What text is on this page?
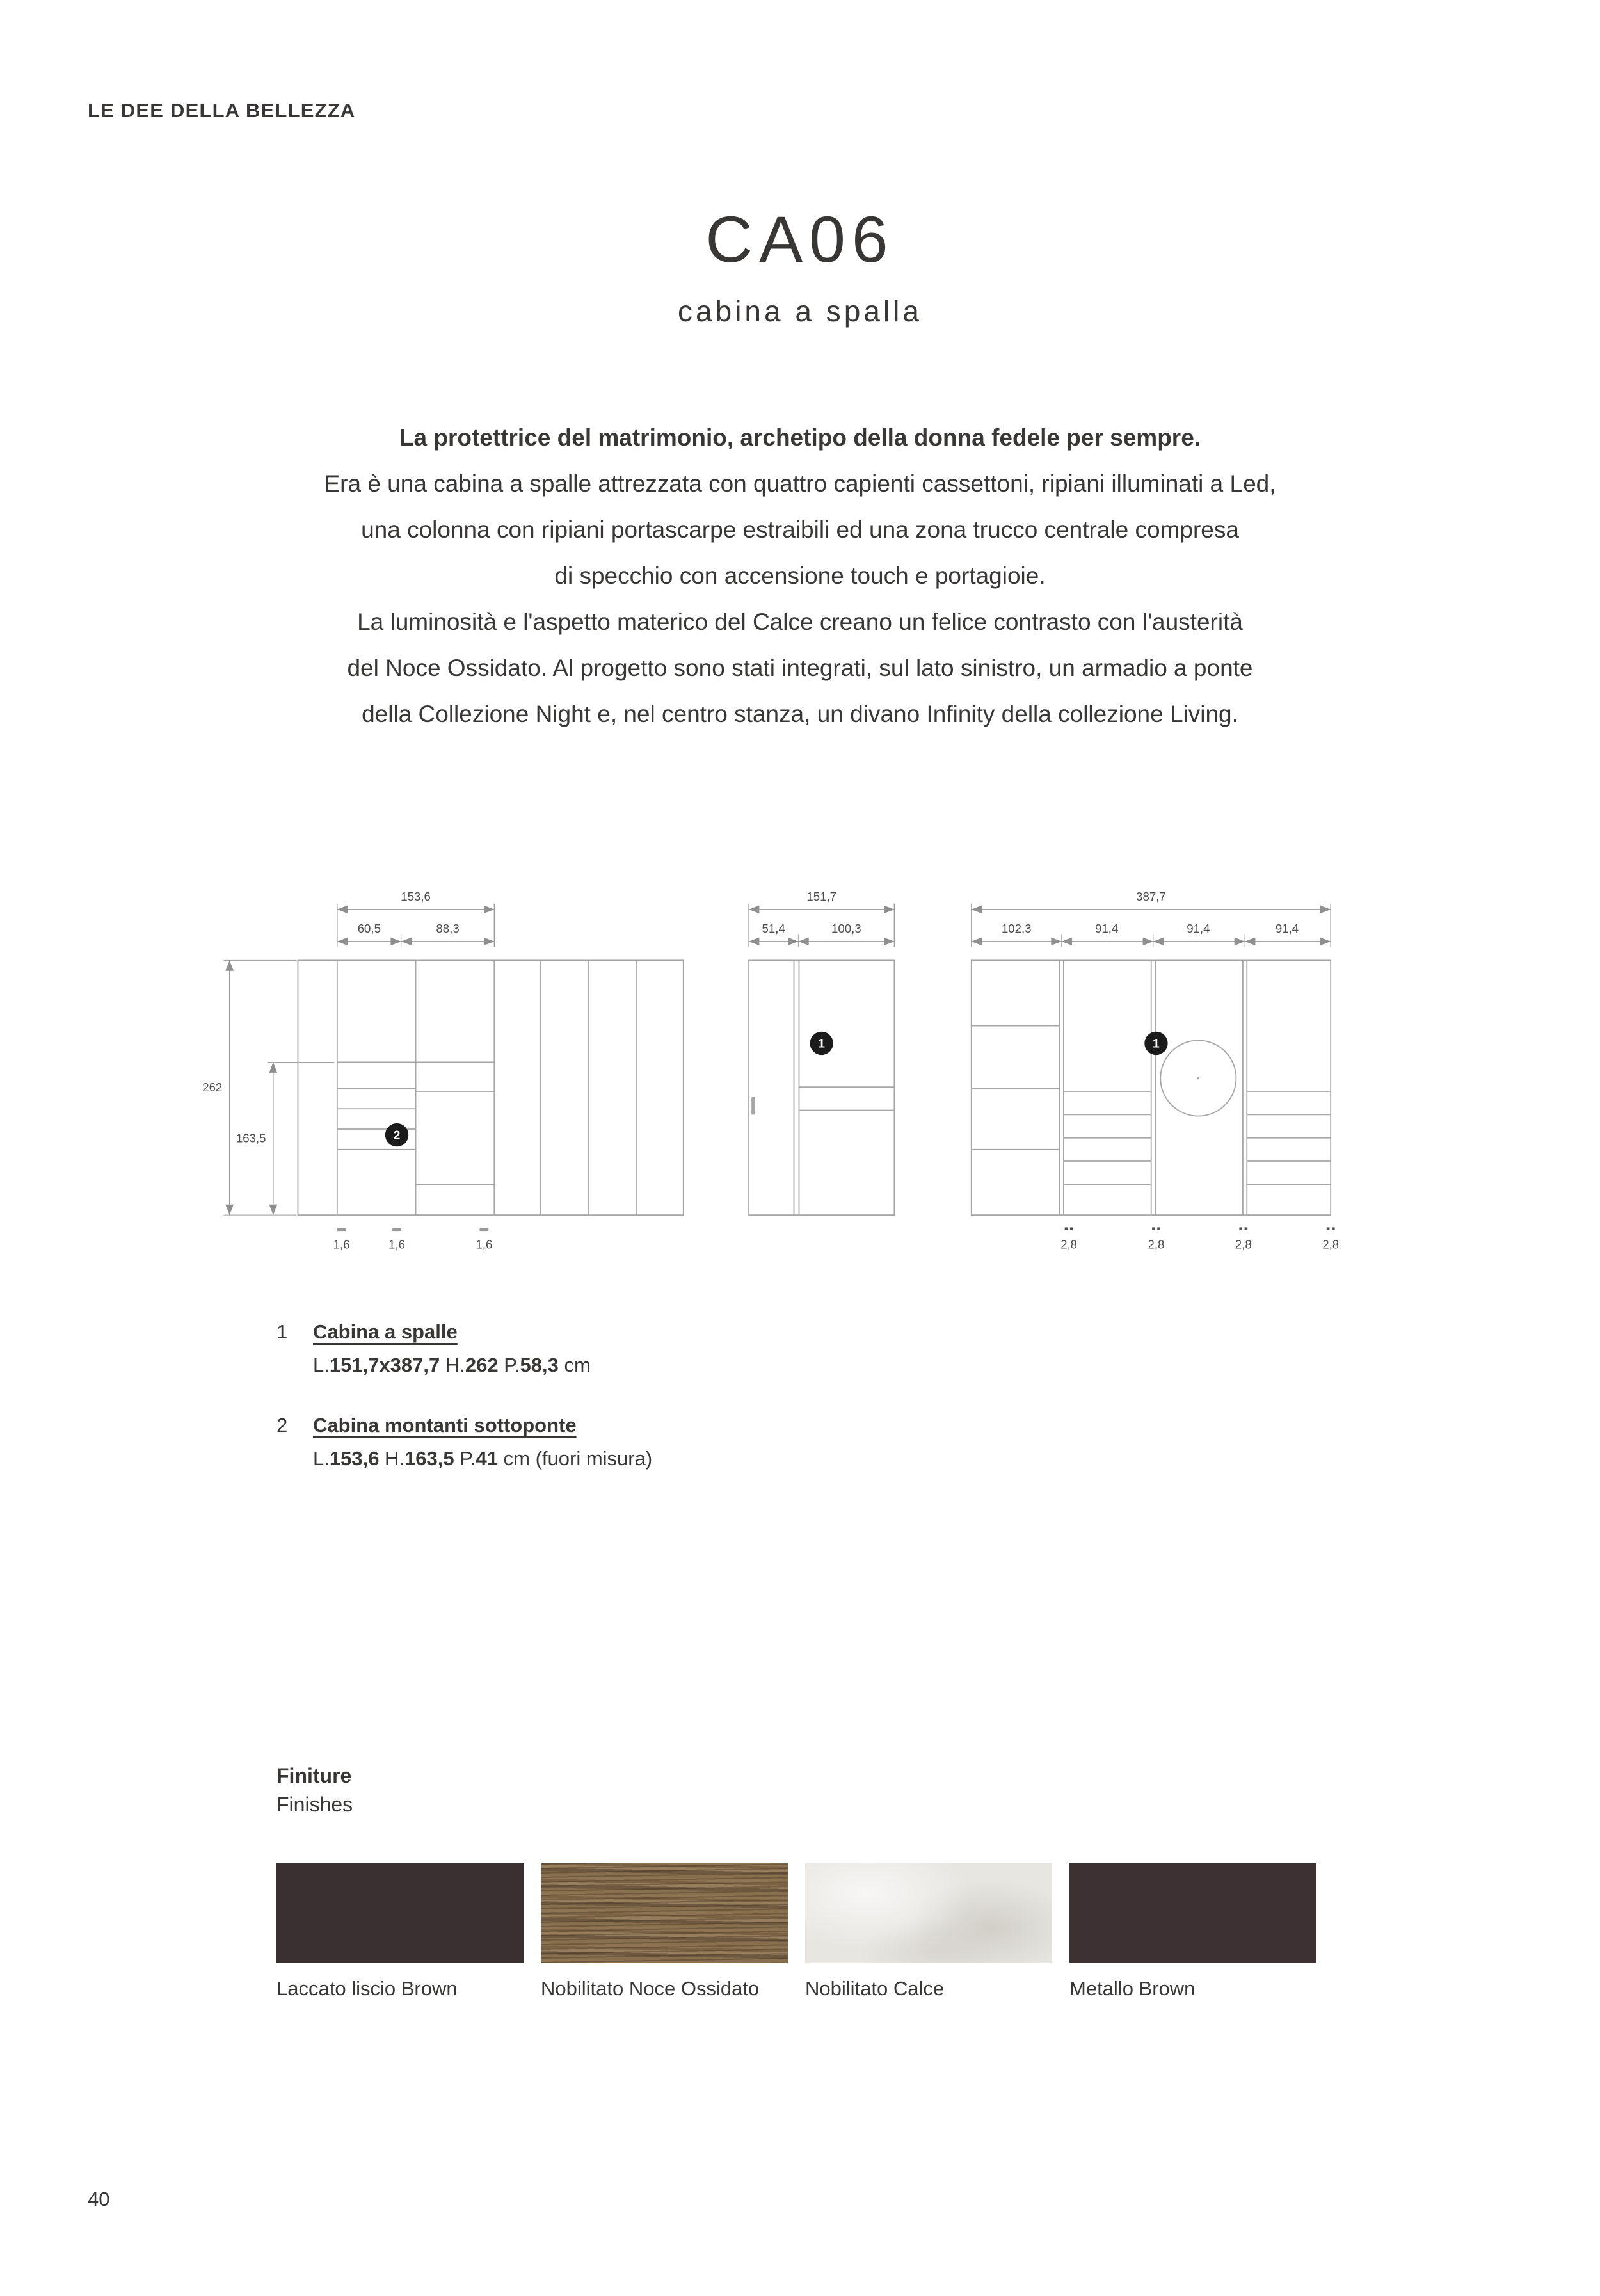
LE DEE DELLA BELLEZZA
CA06
cabina a spalla

La protettrice del matrimonio, archetipo della donna fedele per sempre.

Era è una cabina a spalle attrezzata con quattro capienti cassettoni, ripiani illuminati a Led,

una colonna con ripiani portascarpe estraibili ed una zona trucco centrale compresa

di specchio con accensione touch e portagioie.

La luminosità e l'aspetto materico del Calce creano un felice contrasto con l'austerità

del Noce Ossidato. Al progetto sono stati integrati, sul lato sinistro, un armadio a ponte

della Collezione Night e, nel centro stanza, un divano Infinity della collezione Living.

153,6
60,5	88,3
262
163,5
1,6	1,6	1,6
2
151,7
51,4	100,3
1
387,7
102,3	91,4	91,4	91,4
2,8	2,8	2,8	2,8
1
1	Cabina a spalle
L.151,7x387,7 H.262 P.58,3 cm
2	Cabina montanti sottoponte
L.153,6 H.163,5 P.41 cm (fuori misura)
Finiture
Finishes
Laccato liscio Brown	Nobilitato Noce Ossidato	Nobilitato Calce	Metallo Brown
40
